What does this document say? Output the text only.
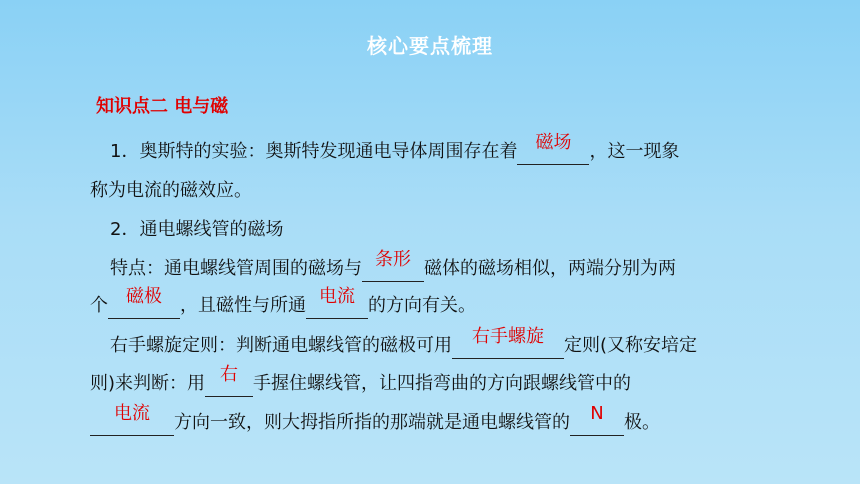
核心要点梳理
知识点二 电与磁
1．奥斯特的实验：奥斯特发现通电导体周围存在着	磁场	，这一现象
称为电流的磁效应。
2．通电螺线管的磁场
特点：通电螺线管周围的磁场与 条形 磁体的磁场相似，两端分别为两
个	磁极	，且磁性与所通 电流 的方向有关。
右手螺旋定则：判断通电螺线管的磁极可用	右手螺旋	定则(又称安培定
则)来判断：用 右 手握住螺线管，让四指弯曲的方向跟螺线管中的
电流	方向一致，则大拇指所指的那端就是通电螺线管的	N	极。
